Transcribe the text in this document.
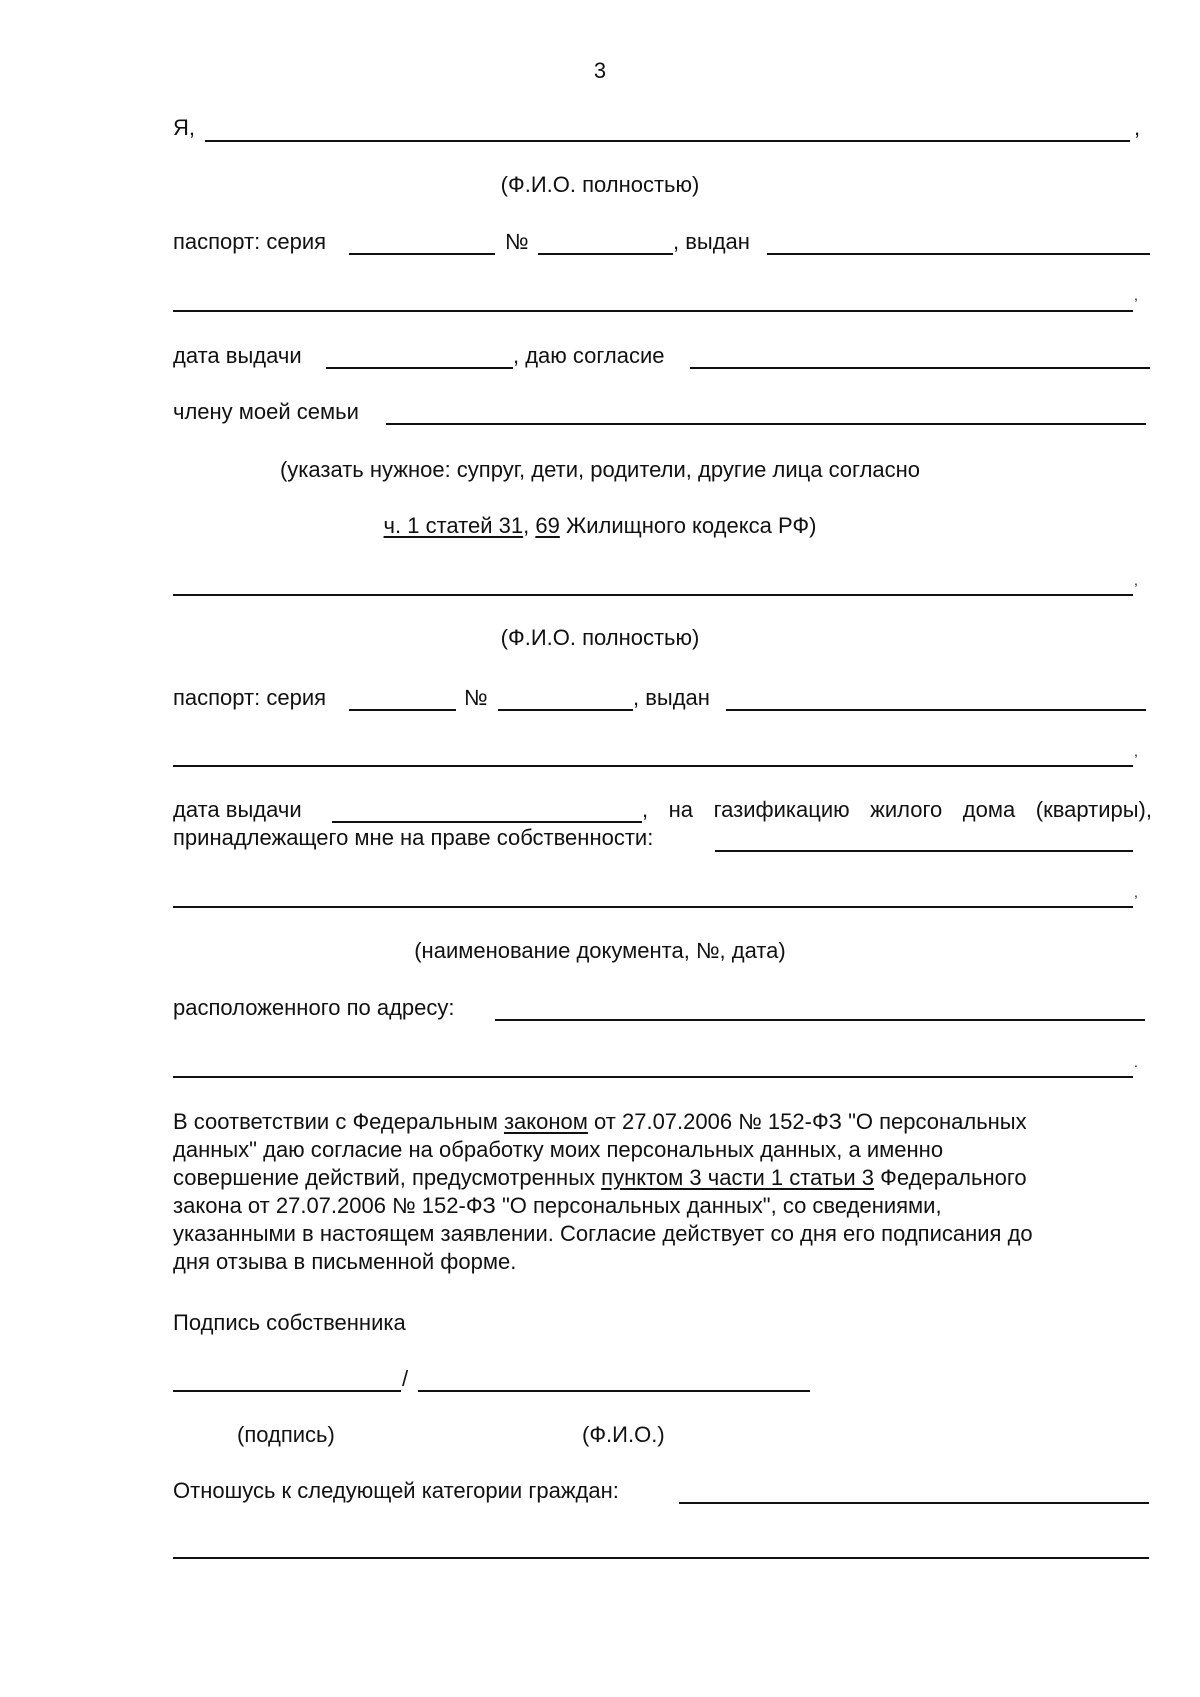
3
Я,	,
(Ф.И.О. полностью)
паспорт: серия	№	, выдан
,
дата выдачи	, даю согласие
члену моей семьи
(указать нужное: супруг, дети, родители, другие лица согласно
ч. 1 статей 31, 69 Жилищного кодекса РФ)
,
(Ф.И.О. полностью)
паспорт: серия	№	, выдан
,
дата выдачи	, на газификацию жилого дома (квартиры),
принадлежащего мне на праве собственности:
,
(наименование документа, №, дата)
расположенного по адресу:
.
В соответствии с Федеральным законом от 27.07.2006 № 152-ФЗ "О персональных
данных" даю согласие на обработку моих персональных данных, а именно
совершение действий, предусмотренных пунктом 3 части 1 статьи 3 Федерального
закона от 27.07.2006 № 152-ФЗ "О персональных данных", со сведениями,
указанными в настоящем заявлении. Согласие действует со дня его подписания до
дня отзыва в письменной форме.
Подпись собственника
/
(подпись)	(Ф.И.О.)
Отношусь к следующей категории граждан:
